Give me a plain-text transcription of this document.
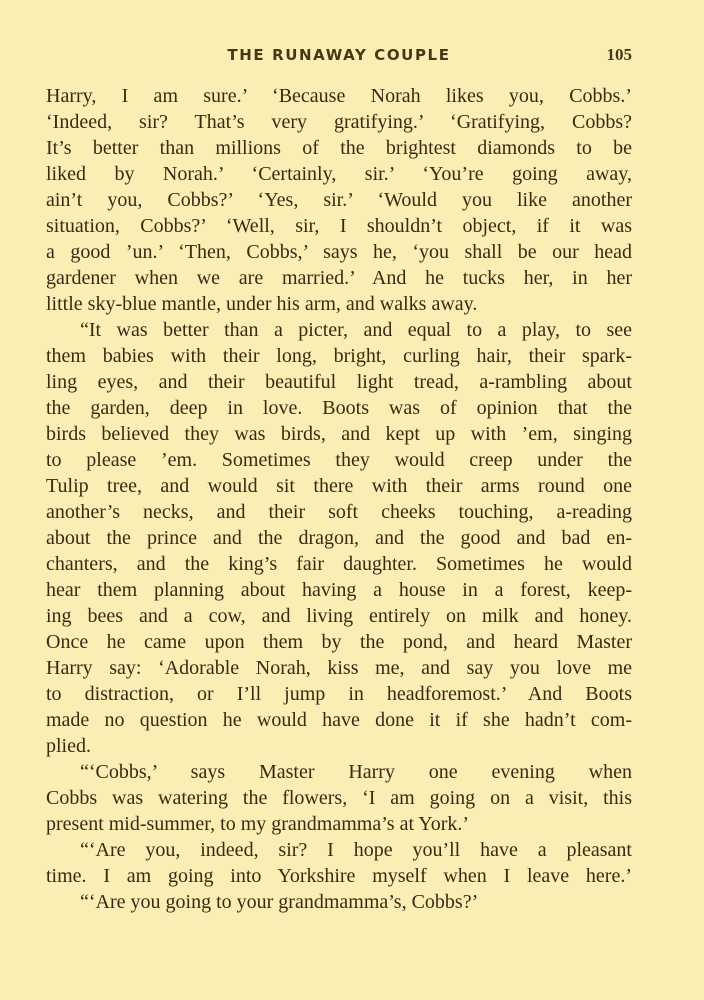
THE RUNAWAY COUPLE	105
Harry, I am sure.’ ‘Because Norah likes you, Cobbs.’
‘Indeed, sir? That’s very gratifying.’ ‘Gratifying, Cobbs?
It’s better than millions of the brightest diamonds to be
liked by Norah.’ ‘Certainly, sir.’ ‘You’re going away,
ain’t you, Cobbs?’ ‘Yes, sir.’ ‘Would you like another
situation, Cobbs?’ ‘Well, sir, I shouldn’t object, if it was
a good ’un.’ ‘Then, Cobbs,’ says he, ‘you shall be our head
gardener when we are married.’ And he tucks her, in her
little sky-blue mantle, under his arm, and walks away.
“It was better than a picter, and equal to a play, to see
them babies with their long, bright, curling hair, their spark-
ling eyes, and their beautiful light tread, a-rambling about
the garden, deep in love. Boots was of opinion that the
birds believed they was birds, and kept up with ’em, singing
to please ’em. Sometimes they would creep under the
Tulip tree, and would sit there with their arms round one
another’s necks, and their soft cheeks touching, a-reading
about the prince and the dragon, and the good and bad en-
chanters, and the king’s fair daughter. Sometimes he would
hear them planning about having a house in a forest, keep-
ing bees and a cow, and living entirely on milk and honey.
Once he came upon them by the pond, and heard Master
Harry say: ‘Adorable Norah, kiss me, and say you love me
to distraction, or I’ll jump in headforemost.’ And Boots
made no question he would have done it if she hadn’t com-
plied.
“‘Cobbs,’ says Master Harry one evening when
Cobbs was watering the flowers, ‘I am going on a visit, this
present mid-summer, to my grandmamma’s at York.’
“‘Are you, indeed, sir? I hope you’ll have a pleasant
time. I am going into Yorkshire myself when I leave here.’
“‘Are you going to your grandmamma’s, Cobbs?’
